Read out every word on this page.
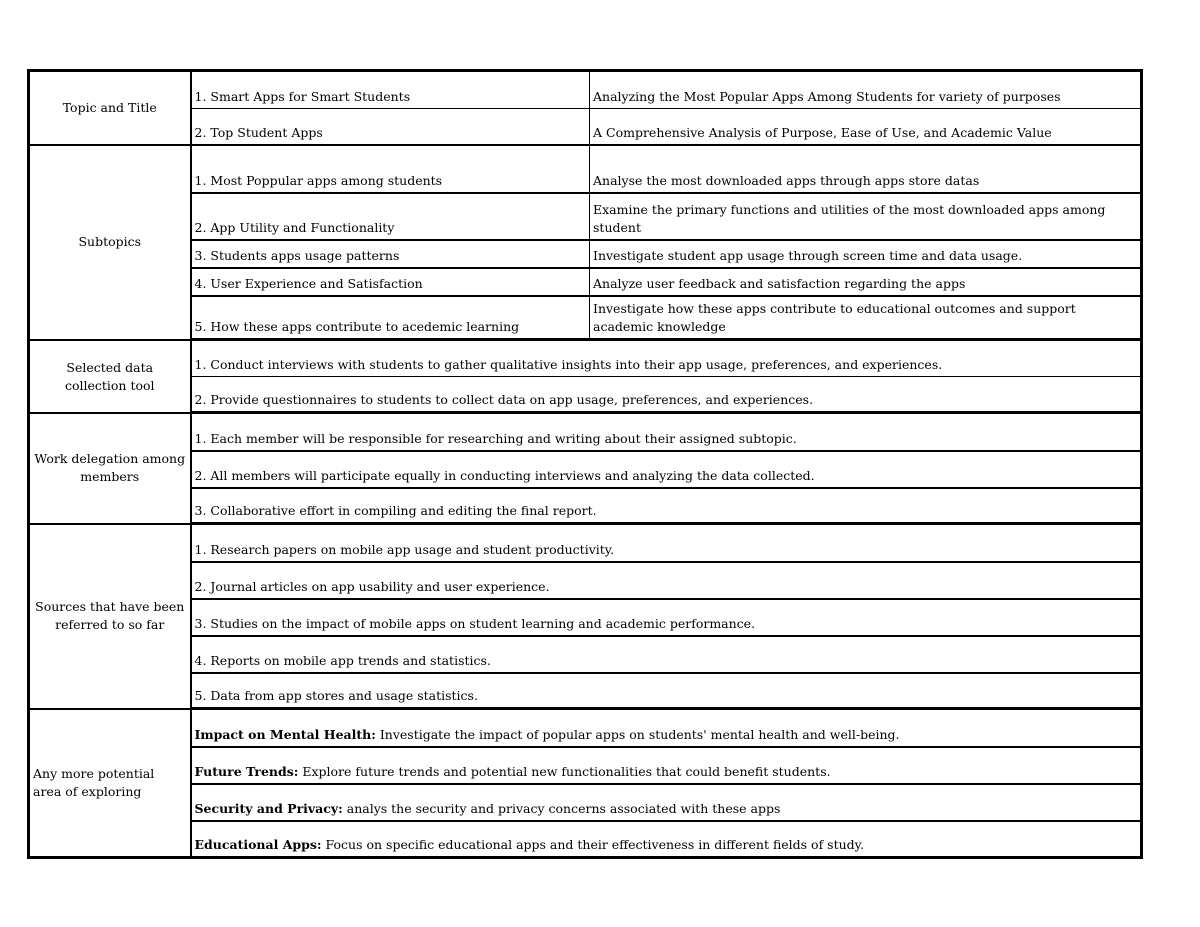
Topic and Title	1. Smart Apps for Smart Students	Analyzing the Most Popular Apps Among Students for variety of purposes
	2. Top Student Apps	A Comprehensive Analysis of Purpose, Ease of Use, and Academic Value
Subtopics	1. Most Poppular apps among students	Analyse the most downloaded apps through apps store datas
	2. App Utility and Functionality	Examine the primary functions and utilities of the most downloaded apps among student
	3. Students apps usage patterns	Investigate student app usage through screen time and data usage.
	4. User Experience and Satisfaction	Analyze user feedback and satisfaction regarding the apps
	5. How these apps contribute to acedemic learning	Investigate how these apps contribute to educational outcomes and support academic knowledge
Selected data collection tool	1. Conduct interviews with students to gather qualitative insights into their app usage, preferences, and experiences.	
	2. Provide questionnaires to students to collect data on app usage, preferences, and experiences.	
Work delegation among members	1. Each member will be responsible for researching and writing about their assigned subtopic.	
	2. All members will participate equally in conducting interviews and analyzing the data collected.	
	3. Collaborative effort in compiling and editing the final report.	
Sources that have been referred to so far	1. Research papers on mobile app usage and student productivity.	
	2. Journal articles on app usability and user experience.	
	3. Studies on the impact of mobile apps on student learning and academic performance.	
	4. Reports on mobile app trends and statistics.	
	5. Data from app stores and usage statistics.	
Any more potential area of exploring	Impact on Mental Health: Investigate the impact of popular apps on students' mental health and well-being.	
	Future Trends: Explore future trends and potential new functionalities that could benefit students.	
	Security and Privacy: analys the security and privacy concerns associated with these apps	
	Educational Apps: Focus on specific educational apps and their effectiveness in different fields of study.	
